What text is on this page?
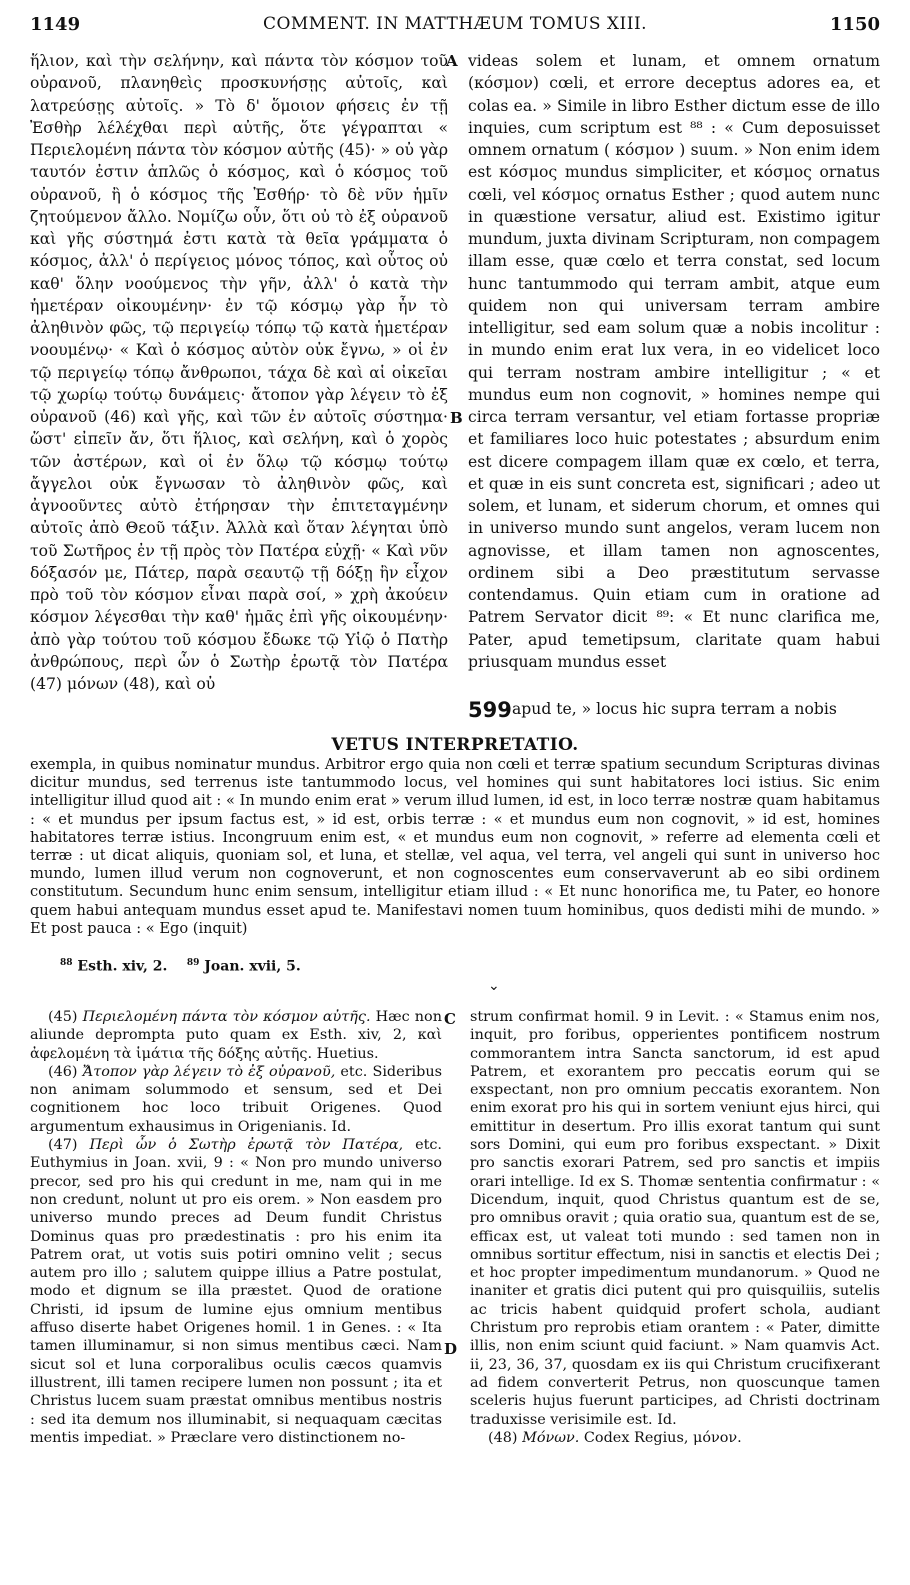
1149	COMMENT. IN MATTHÆUM TOMUS XIII.	1150

ἥλιον, καὶ τὴν σελήνην, καὶ πάντα τὸν κόσμον τοῦ οὐρανοῦ, πλανηθεὶς προσκυνήσῃς αὐτοῖς, καὶ λατρεύσῃς αὐτοῖς. » Τὸ δ' ὅμοιον φήσεις ἐν τῇ Ἐσθὴρ λέλέχθαι περὶ αὐτῆς, ὅτε γέγραπται « Περιελομένη πάντα τὸν κόσμον αὐτῆς (45)· » οὐ γὰρ ταυτόν ἐστιν ἁπλῶς ὁ κόσμος, καὶ ὁ κόσμος τοῦ οὐρανοῦ, ἢ ὁ κόσμος τῆς Ἐσθήρ· τὸ δὲ νῦν ἡμῖν ζητούμενον ἄλλο. Νομίζω οὖν, ὅτι οὐ τὸ ἐξ οὐρανοῦ καὶ γῆς σύστημά ἐστι κατὰ τὰ θεῖα γράμματα ὁ κόσμος, ἀλλ' ὁ περίγειος μόνος τόπος, καὶ οὗτος οὐ καθ' ὅλην νοούμενος τὴν γῆν, ἀλλ' ὁ κατὰ τὴν ἡμετέραν οἰκουμένην· ἐν τῷ κόσμῳ γὰρ ἦν τὸ ἀληθινὸν φῶς, τῷ περιγείῳ τόπῳ τῷ κατὰ ἡμετέραν νοουμένῳ· « Καὶ ὁ κόσμος αὐτὸν οὐκ ἔγνω, » οἱ ἐν τῷ περιγείῳ τόπῳ ἄνθρωποι, τάχα δὲ καὶ αἱ οἰκεῖαι τῷ χωρίῳ τούτῳ δυνάμεις· ἄτοπον γὰρ λέγειν τὸ ἐξ οὐρανοῦ (46) καὶ γῆς, καὶ τῶν ἐν αὐτοῖς σύστημα· ὥστ' εἰπεῖν ἄν, ὅτι ἥλιος, καὶ σελήνη, καὶ ὁ χορὸς τῶν ἀστέρων, καὶ οἱ ἐν ὅλῳ τῷ κόσμῳ τούτῳ ἄγγελοι οὐκ ἔγνωσαν τὸ ἀληθινὸν φῶς, καὶ ἀγνοοῦντες αὐτὸ ἐτήρησαν τὴν ἐπιτεταγμένην αὐτοῖς ἀπὸ Θεοῦ τάξιν. Ἀλλὰ καὶ ὅταν λέγηται ὑπὸ τοῦ Σωτῆρος ἐν τῇ πρὸς τὸν Πατέρα εὐχῇ· « Καὶ νῦν δόξασόν με, Πάτερ, παρὰ σεαυτῷ τῇ δόξῃ ἣν εἶχον πρὸ τοῦ τὸν κόσμον εἶναι παρὰ σοί, » χρὴ ἀκούειν κόσμον λέγεσθαι τὴν καθ' ἡμᾶς ἐπὶ γῆς οἰκουμένην· ἀπὸ γὰρ τούτου τοῦ κόσμου ἔδωκε τῷ Υἱῷ ὁ Πατὴρ ἀνθρώπους, περὶ ὧν ὁ Σωτὴρ ἐρωτᾷ τὸν Πατέρα (47) μόνων (48), καὶ οὐ

videas solem et lunam, et omnem ornatum (κόσμον) cœli, et errore deceptus adores ea, et colas ea. » Simile in libro Esther dictum esse de illo inquies, cum scriptum est ⁸⁸ : « Cum deposuisset omnem ornatum ( κόσμον ) suum. » Non enim idem est κόσμος mundus simpliciter, et κόσμος ornatus cœli, vel κόσμος ornatus Esther ; quod autem nunc in quæstione versatur, aliud est. Existimo igitur mundum, juxta divinam Scripturam, non compagem illam esse, quæ cœlo et terra constat, sed locum hunc tantummodo qui terram ambit, atque eum quidem non qui universam terram ambire intelligitur, sed eam solum quæ a nobis incolitur : in mundo enim erat lux vera, in eo videlicet loco qui terram nostram ambire intelligitur ; « et mundus eum non cognovit, » homines nempe qui circa terram versantur, vel etiam fortasse propriæ et familiares loco huic potestates ; absurdum enim est dicere compagem illam quæ ex cœlo, et terra, et quæ in eis sunt concreta est, significari ; adeo ut solem, et lunam, et siderum chorum, et omnes qui in universo mundo sunt angelos, veram lucem non agnovisse, et illam tamen non agnoscentes, ordinem sibi a Deo præstitutum servasse contendamus. Quin etiam cum in oratione ad Patrem Servator dicit ⁸⁹: « Et nunc clarifica me, Pater, apud temetipsum, claritate quam habui priusquam mundus esset

A
B
599 apud te, » locus hic supra terram a nobis
VETUS INTERPRETATIO.

exempla, in quibus nominatur mundus. Arbitror ergo quia non cœli et terræ spatium secundum Scripturas divinas dicitur mundus, sed terrenus iste tantummodo locus, vel homines qui sunt habitatores loci istius. Sic enim intelligitur illud quod ait : « In mundo enim erat » verum illud lumen, id est, in loco terræ nostræ quam habitamus : « et mundus per ipsum factus est, » id est, orbis terræ : « et mundus eum non cognovit, » id est, homines habitatores terræ istius. Incongruum enim est, « et mundus eum non cognovit, » referre ad elementa cœli et terræ : ut dicat aliquis, quoniam sol, et luna, et stellæ, vel aqua, vel terra, vel angeli qui sunt in universo hoc mundo, lumen illud verum non cognoverunt, et non cognoscentes eum conservaverunt ab eo sibi ordinem constitutum. Secundum hunc enim sensum, intelligitur etiam illud : « Et nunc honorifica me, tu Pater, eo honore quem habui antequam mundus esset apud te. Manifestavi nomen tuum hominibus, quos dedisti mihi de mundo. » Et post pauca : « Ego (inquit)

$^{88}$ Esth. xiv, 2. $^{89}$ Joan. xvii, 5.
⌄

(45) Περιελομένη πάντα τὸν κόσμον αὐτῆς. Hæc non aliunde deprompta puto quam ex Esth. xiv, 2, καὶ ἀφελομένη τὰ ἱμάτια τῆς δόξης αὐτῆς. Huetius.

(46) Ἄτοπον γὰρ λέγειν τὸ ἐξ οὐρανοῦ, etc. Sideribus non animam solummodo et sensum, sed et Dei cognitionem hoc loco tribuit Origenes. Quod argumentum exhausimus in Origenianis. Id.

(47) Περὶ ὧν ὁ Σωτὴρ ἐρωτᾷ τὸν Πατέρα, etc. Euthymius in Joan. xvii, 9 : « Non pro mundo universo precor, sed pro his qui credunt in me, nam qui in me non credunt, nolunt ut pro eis orem. » Non easdem pro universo mundo preces ad Deum fundit Christus Dominus quas pro prædestinatis : pro his enim ita Patrem orat, ut votis suis potiri omnino velit ; secus autem pro illo ; salutem quippe illius a Patre postulat, modo et dignum se illa præstet. Quod de oratione Christi, id ipsum de lumine ejus omnium mentibus affuso diserte habet Origenes homil. 1 in Genes. : « Ita tamen illuminamur, si non simus mentibus cæci. Nam sicut sol et luna corporalibus oculis cæcos quamvis illustrent, illi tamen recipere lumen non possunt ; ita et Christus lucem suam præstat omnibus mentibus nostris : sed ita demum nos illuminabit, si nequaquam cæcitas mentis impediat. » Præclare vero distinctionem no-

C
D

strum confirmat homil. 9 in Levit. : « Stamus enim nos, inquit, pro foribus, opperientes pontificem nostrum commorantem intra Sancta sanctorum, id est apud Patrem, et exorantem pro peccatis eorum qui se exspectant, non pro omnium peccatis exorantem. Non enim exorat pro his qui in sortem veniunt ejus hirci, qui emittitur in desertum. Pro illis exorat tantum qui sunt sors Domini, qui eum pro foribus exspectant. » Dixit pro sanctis exorari Patrem, sed pro sanctis et impiis orari intellige. Id ex S. Thomæ sententia confirmatur : « Dicendum, inquit, quod Christus quantum est de se, pro omnibus oravit ; quia oratio sua, quantum est de se, efficax est, ut valeat toti mundo : sed tamen non in omnibus sortitur effectum, nisi in sanctis et electis Dei ; et hoc propter impedimentum mundanorum. » Quod ne inaniter et gratis dici putent qui pro quisquiliis, sutelis ac tricis habent quidquid profert schola, audiant Christum pro reprobis etiam orantem : « Pater, dimitte illis, non enim sciunt quid faciunt. » Nam quamvis Act. ii, 23, 36, 37, quosdam ex iis qui Christum crucifixerant ad fidem converterit Petrus, non quoscunque tamen sceleris hujus fuerunt participes, ad Christi doctrinam traduxisse verisimile est. Id.

(48) Μόνων. Codex Regius, μόνον.
